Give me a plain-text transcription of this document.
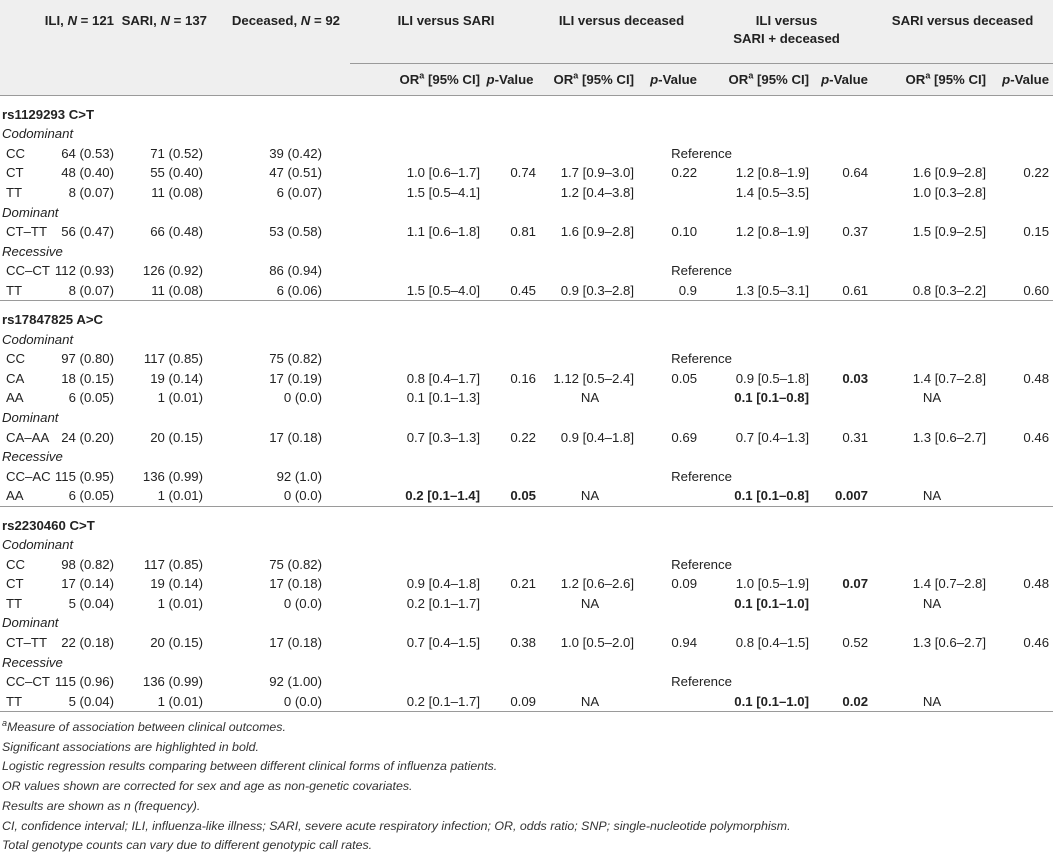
ILI, N = 121		SARI, N = 137	Deceased, N = 92	ILI versus SARI		ILI versus deceased		ILI versus
SARI + deceased		SARI versus deceased	
				$OR^a$ [95% CI]	p-Value	$OR^a$ [95% CI]	p-Value	$OR^a$ [95% CI]	p-Value	$OR^a$ [95% CI]	p-Value
rs1129293 C>T											
Codominant											
CC	64 (0.53)	71 (0.52)	39 (0.42)	Reference							
CT	48 (0.40)	55 (0.40)	47 (0.51)	1.0 [0.6–1.7]	0.74	1.7 [0.9–3.0]	0.22	1.2 [0.8–1.9]	0.64	1.6 [0.9–2.8]	0.22
TT	8 (0.07)	11 (0.08)	6 (0.07)	1.5 [0.5–4.1]		1.2 [0.4–3.8]		1.4 [0.5–3.5]		1.0 [0.3–2.8]	
Dominant											
CT–TT	56 (0.47)	66 (0.48)	53 (0.58)	1.1 [0.6–1.8]	0.81	1.6 [0.9–2.8]	0.10	1.2 [0.8–1.9]	0.37	1.5 [0.9–2.5]	0.15
Recessive											
CC–CT	112 (0.93)	126 (0.92)	86 (0.94)	Reference							
TT	8 (0.07)	11 (0.08)	6 (0.06)	1.5 [0.5–4.0]	0.45	0.9 [0.3–2.8]	0.9	1.3 [0.5–3.1]	0.61	0.8 [0.3–2.2]	0.60
rs17847825 A>C											
Codominant											
CC	97 (0.80)	117 (0.85)	75 (0.82)	Reference							
CA	18 (0.15)	19 (0.14)	17 (0.19)	0.8 [0.4–1.7]	0.16	1.12 [0.5–2.4]	0.05	0.9 [0.5–1.8]	0.03	1.4 [0.7–2.8]	0.48
AA	6 (0.05)	1 (0.01)	0 (0.0)	0.1 [0.1–1.3]		NA		0.1 [0.1–0.8]		NA	
Dominant											
CA–AA	24 (0.20)	20 (0.15)	17 (0.18)	0.7 [0.3–1.3]	0.22	0.9 [0.4–1.8]	0.69	0.7 [0.4–1.3]	0.31	1.3 [0.6–2.7]	0.46
Recessive											
CC–AC	115 (0.95)	136 (0.99)	92 (1.0)	Reference							
AA	6 (0.05)	1 (0.01)	0 (0.0)	0.2 [0.1–1.4]	0.05	NA		0.1 [0.1–0.8]	0.007	NA	
rs2230460 C>T											
Codominant											
CC	98 (0.82)	117 (0.85)	75 (0.82)	Reference							
CT	17 (0.14)	19 (0.14)	17 (0.18)	0.9 [0.4–1.8]	0.21	1.2 [0.6–2.6]	0.09	1.0 [0.5–1.9]	0.07	1.4 [0.7–2.8]	0.48
TT	5 (0.04)	1 (0.01)	0 (0.0)	0.2 [0.1–1.7]		NA		0.1 [0.1–1.0]		NA	
Dominant											
CT–TT	22 (0.18)	20 (0.15)	17 (0.18)	0.7 [0.4–1.5]	0.38	1.0 [0.5–2.0]	0.94	0.8 [0.4–1.5]	0.52	1.3 [0.6–2.7]	0.46
Recessive											
CC–CT	115 (0.96)	136 (0.99)	92 (1.00)	Reference							
TT	5 (0.04)	1 (0.01)	0 (0.0)	0.2 [0.1–1.7]	0.09	NA		0.1 [0.1–1.0]	0.02	NA	
$^a$Measure of association between clinical outcomes.
Significant associations are highlighted in bold.
Logistic regression results comparing between different clinical forms of influenza patients.
OR values shown are corrected for sex and age as non-genetic covariates.
Results are shown as n (frequency).
CI, confidence interval; ILI, influenza-like illness; SARI, severe acute respiratory infection; OR, odds ratio; SNP; single-nucleotide polymorphism.
Total genotype counts can vary due to different genotypic call rates.
